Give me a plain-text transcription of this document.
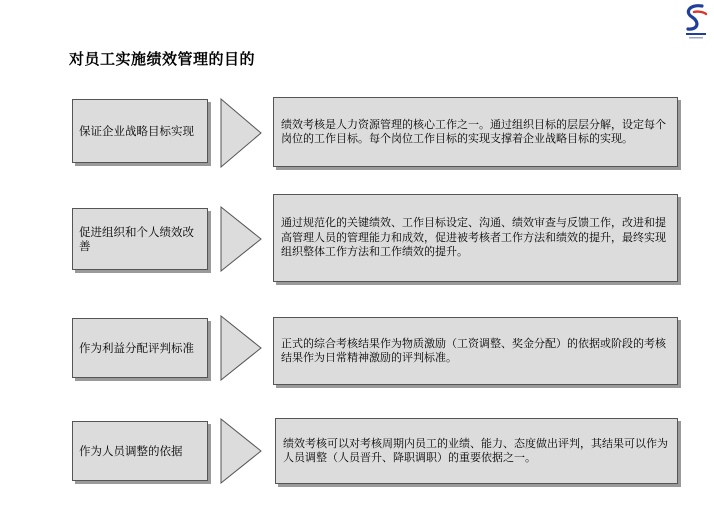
对员工实施绩效管理的目的
保证企业战略目标实现	绩效考核是人力资源管理的核心工作之一。通过组织目标的层层分解，设定每个岗位的工作目标。每个岗位工作目标的实现支撑着企业战略目标的实现。
促进组织和个人绩效改善
通过规范化的关键绩效、工作目标设定、沟通、绩效审查与反馈工作，改进和提高管理人员的管理能力和成效，促进被考核者工作方法和绩效的提升，最终实现组织整体工作方法和工作绩效的提升。
作为利益分配评判标准	正式的综合考核结果作为物质激励（工资调整、奖金分配）的依据或阶段的考核结果作为日常精神激励的评判标准。
作为人员调整的依据
绩效考核可以对考核周期内员工的业绩、能力、态度做出评判，其结果可以作为人员调整（人员晋升、降职调职）的重要依据之一。
